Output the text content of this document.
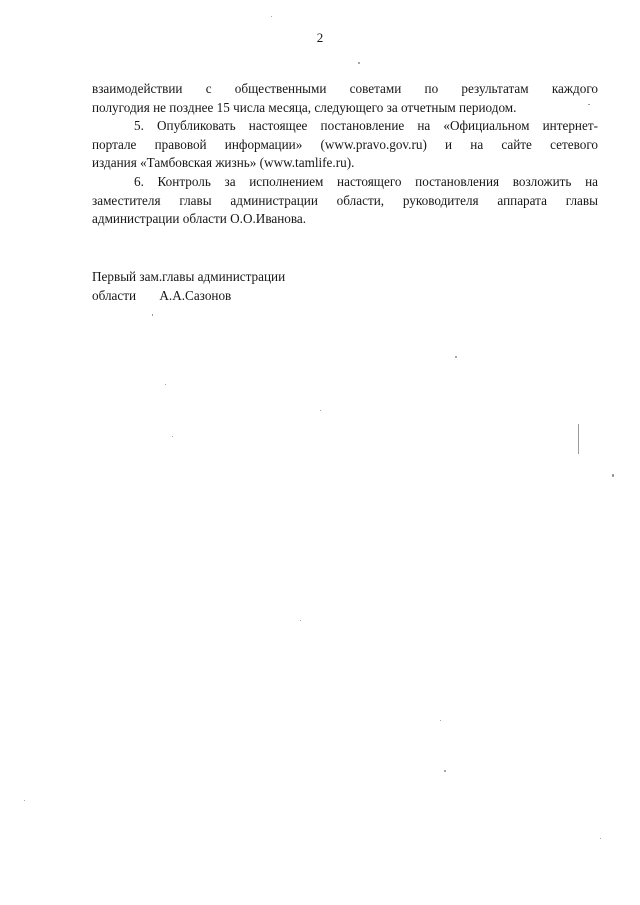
2
взаимодействии с общественными советами по результатам каждого
полугодия не позднее 15 числа месяца, следующего за отчетным периодом.
5. Опубликовать настоящее постановление на «Официальном интернет-
портале правовой информации» (www.pravo.gov.ru) и на сайте сетевого
издания «Тамбовская жизнь» (www.tamlife.ru).
6. Контроль за исполнением настоящего постановления возложить на
заместителя главы администрации области, руководителя аппарата главы
администрации области О.О.Иванова.
Первый зам.главы администрации
области А.А.Сазонов
